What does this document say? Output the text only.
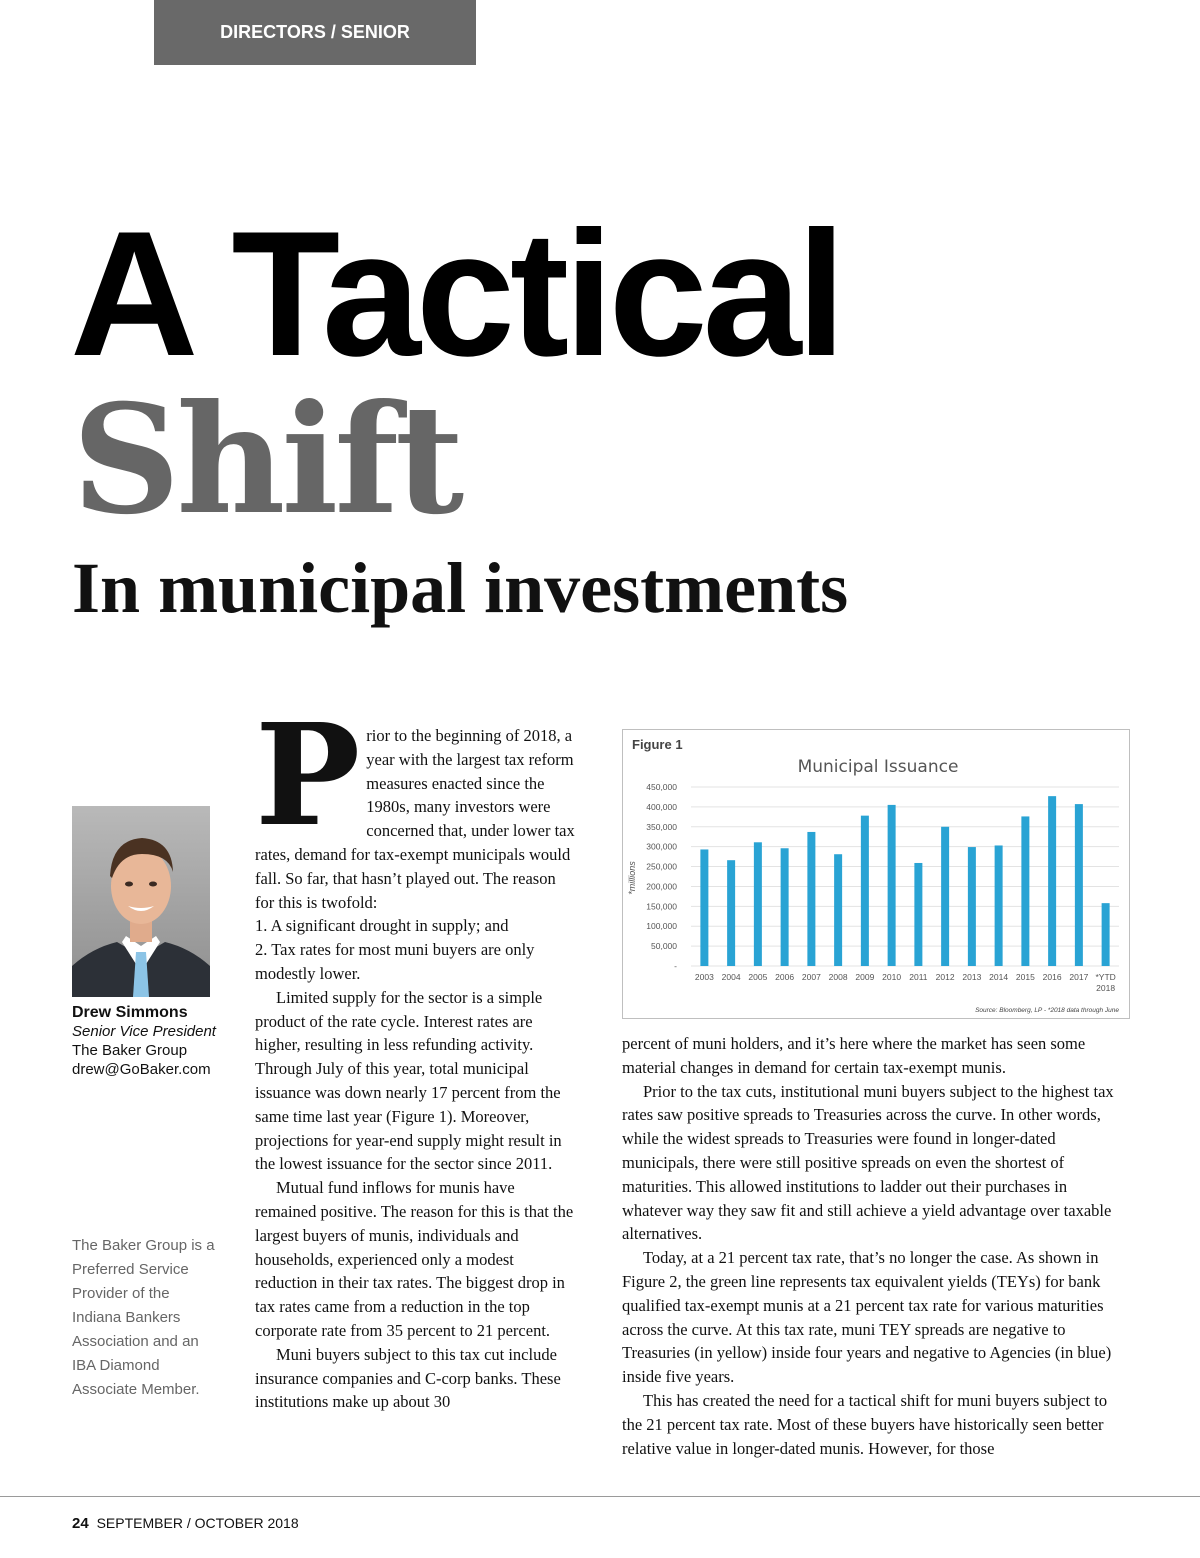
DIRECTORS / SENIOR MANAGEMENT
A Tactical
Shift
In municipal investments
Drew Simmons
Senior Vice President
The Baker Group
drew@GoBaker.com
The Baker Group is a Preferred Service Provider of the Indiana Bankers Association and an IBA Diamond Associate Member.
P rior to the beginning of 2018, a year with the largest tax reform measures enacted since the 1980s, many investors were concerned that, under lower tax rates, demand for tax-exempt municipals would fall. So far, that hasn’t played out. The reason for this is twofold:

1. A significant drought in supply; and

2. Tax rates for most muni buyers are only modestly lower.

Limited supply for the sector is a simple product of the rate cycle. Interest rates are higher, resulting in less refunding activity. Through July of this year, total municipal issuance was down nearly 17 percent from the same time last year (Figure 1). Moreover, projections for year-end supply might result in the lowest issuance for the sector since 2011.

Mutual fund inflows for munis have remained positive. The reason for this is that the largest buyers of munis, individuals and households, experienced only a modest reduction in their tax rates. The biggest drop in tax rates came from a reduction in the top corporate rate from 35 percent to 21 percent.

Muni buyers subject to this tax cut include insurance companies and C-corp banks. These institutions make up about 30

Figure 1
Municipal Issuance
*millions
450,000
400,000
350,000
300,000
250,000
200,000
150,000
100,000
50,000
-
2003 2004 2005 2006 2007 2008 2009 2010 2011 2012 2013 2014 2015 2016 2017 *YTD
2018
Source: Bloomberg, LP - *2018 data through June

percent of muni holders, and it’s here where the market has seen some material changes in demand for certain tax-exempt munis.

Prior to the tax cuts, institutional muni buyers subject to the highest tax rates saw positive spreads to Treasuries across the curve. In other words, while the widest spreads to Treasuries were found in longer-dated municipals, there were still positive spreads on even the shortest of maturities. This allowed institutions to ladder out their purchases in whatever way they saw fit and still achieve a yield advantage over taxable alternatives.

Today, at a 21 percent tax rate, that’s no longer the case. As shown in Figure 2, the green line represents tax equivalent yields (TEYs) for bank qualified tax-exempt munis at a 21 percent tax rate for various maturities across the curve. At this tax rate, muni TEY spreads are negative to Treasuries (in yellow) inside four years and negative to Agencies (in blue) inside five years.

This has created the need for a tactical shift for muni buyers subject to the 21 percent tax rate. Most of these buyers have historically seen better relative value in longer-dated munis. However, for those

24 SEPTEMBER / OCTOBER 2018
